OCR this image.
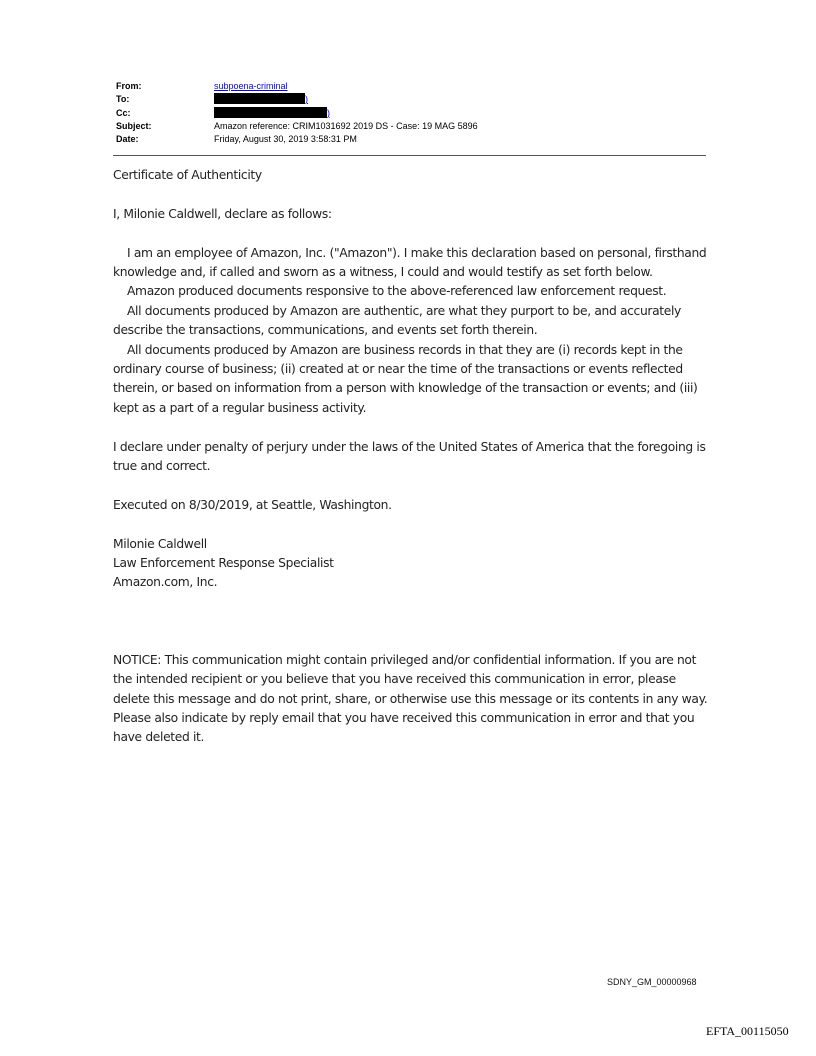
From:	subpoena-criminal
To:	)
Cc:	)
Subject:	Amazon reference: CRIM1031692 2019 DS - Case: 19 MAG 5896
Date:	Friday, August 30, 2019 3:58:31 PM

Certificate of Authenticity

I, Milonie Caldwell, declare as follows:

I am an employee of Amazon, Inc. ("Amazon"). I make this declaration based on personal, firsthand knowledge and, if called and sworn as a witness, I could and would testify as set forth below.

Amazon produced documents responsive to the above-referenced law enforcement request.

All documents produced by Amazon are authentic, are what they purport to be, and accurately describe the transactions, communications, and events set forth therein.

All documents produced by Amazon are business records in that they are (i) records kept in the ordinary course of business; (ii) created at or near the time of the transactions or events reflected therein, or based on information from a person with knowledge of the transaction or events; and (iii) kept as a part of a regular business activity.

I declare under penalty of perjury under the laws of the United States of America that the foregoing is true and correct.

Executed on 8/30/2019, at Seattle, Washington.

Milonie Caldwell

Law Enforcement Response Specialist

Amazon.com, Inc.

NOTICE: This communication might contain privileged and/or confidential information. If you are not the intended recipient or you believe that you have received this communication in error, please delete this message and do not print, share, or otherwise use this message or its contents in any way. Please also indicate by reply email that you have received this communication in error and that you have deleted it.

SDNY_GM_00000968
EFTA_00115050
